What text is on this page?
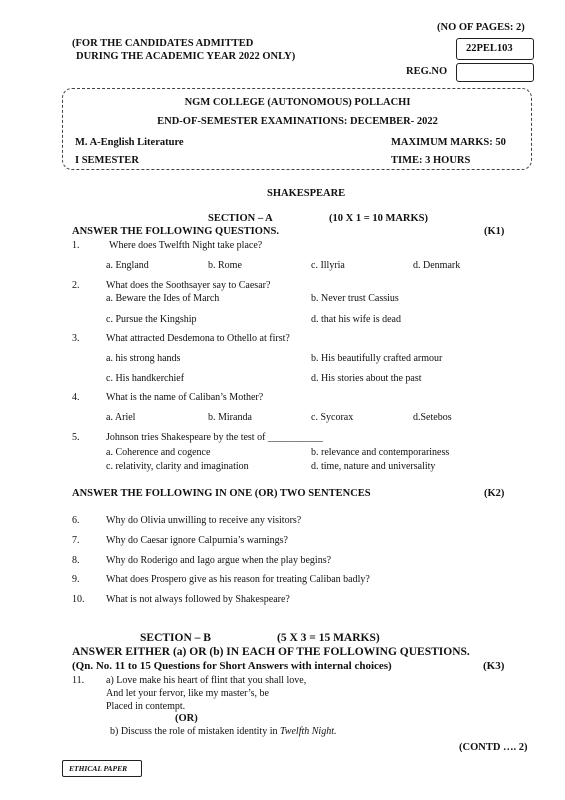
(NO OF PAGES: 2)
(FOR THE CANDIDATES ADMITTED
DURING THE ACADEMIC YEAR 2022 ONLY)
22PEL103
REG.NO
NGM COLLEGE (AUTONOMOUS) POLLACHI
END-OF-SEMESTER EXAMINATIONS: DECEMBER- 2022
M. A-English Literature	MAXIMUM MARKS: 50
I SEMESTER	TIME: 3 HOURS
SHAKESPEARE
SECTION – A	(10 X 1 = 10 MARKS)
ANSWER THE FOLLOWING QUESTIONS.	(K1)
1.	Where does Twelfth Night take place?
a. England	b. Rome	c. Illyria	d. Denmark
2.	What does the Soothsayer say to Caesar?
a. Beware the Ides of March	b. Never trust Cassius
c. Pursue the Kingship	d. that his wife is dead
3.	What attracted Desdemona to Othello at first?
a. his strong hands	b. His beautifully crafted armour
c. His handkerchief	d. His stories about the past
4.	What is the name of Caliban’s Mother?
a. Ariel	b. Miranda	c. Sycorax	d.Setebos
5.	Johnson tries Shakespeare by the test of ___________
a. Coherence and cogence	b. relevance and contemporariness
c. relativity, clarity and imagination	d. time, nature and universality
ANSWER THE FOLLOWING IN ONE (OR) TWO SENTENCES	(K2)
6.	Why do Olivia unwilling to receive any visitors?
7.	Why do Caesar ignore Calpurnia’s warnings?
8.	Why do Roderigo and Iago argue when the play begins?
9.	What does Prospero give as his reason for treating Caliban badly?
10. What is not always followed by Shakespeare?
SECTION – B	(5 X 3 = 15 MARKS)
ANSWER EITHER (a) OR (b) IN EACH OF THE FOLLOWING QUESTIONS.
(Qn. No. 11 to 15 Questions for Short Answers with internal choices)	(K3)
11. a) Love make his heart of flint that you shall love,
And let your fervor, like my master’s, be
Placed in contempt.
(OR)
b) Discuss the role of mistaken identity in Twelfth Night.
(CONTD …. 2)
ETHICAL PAPER
